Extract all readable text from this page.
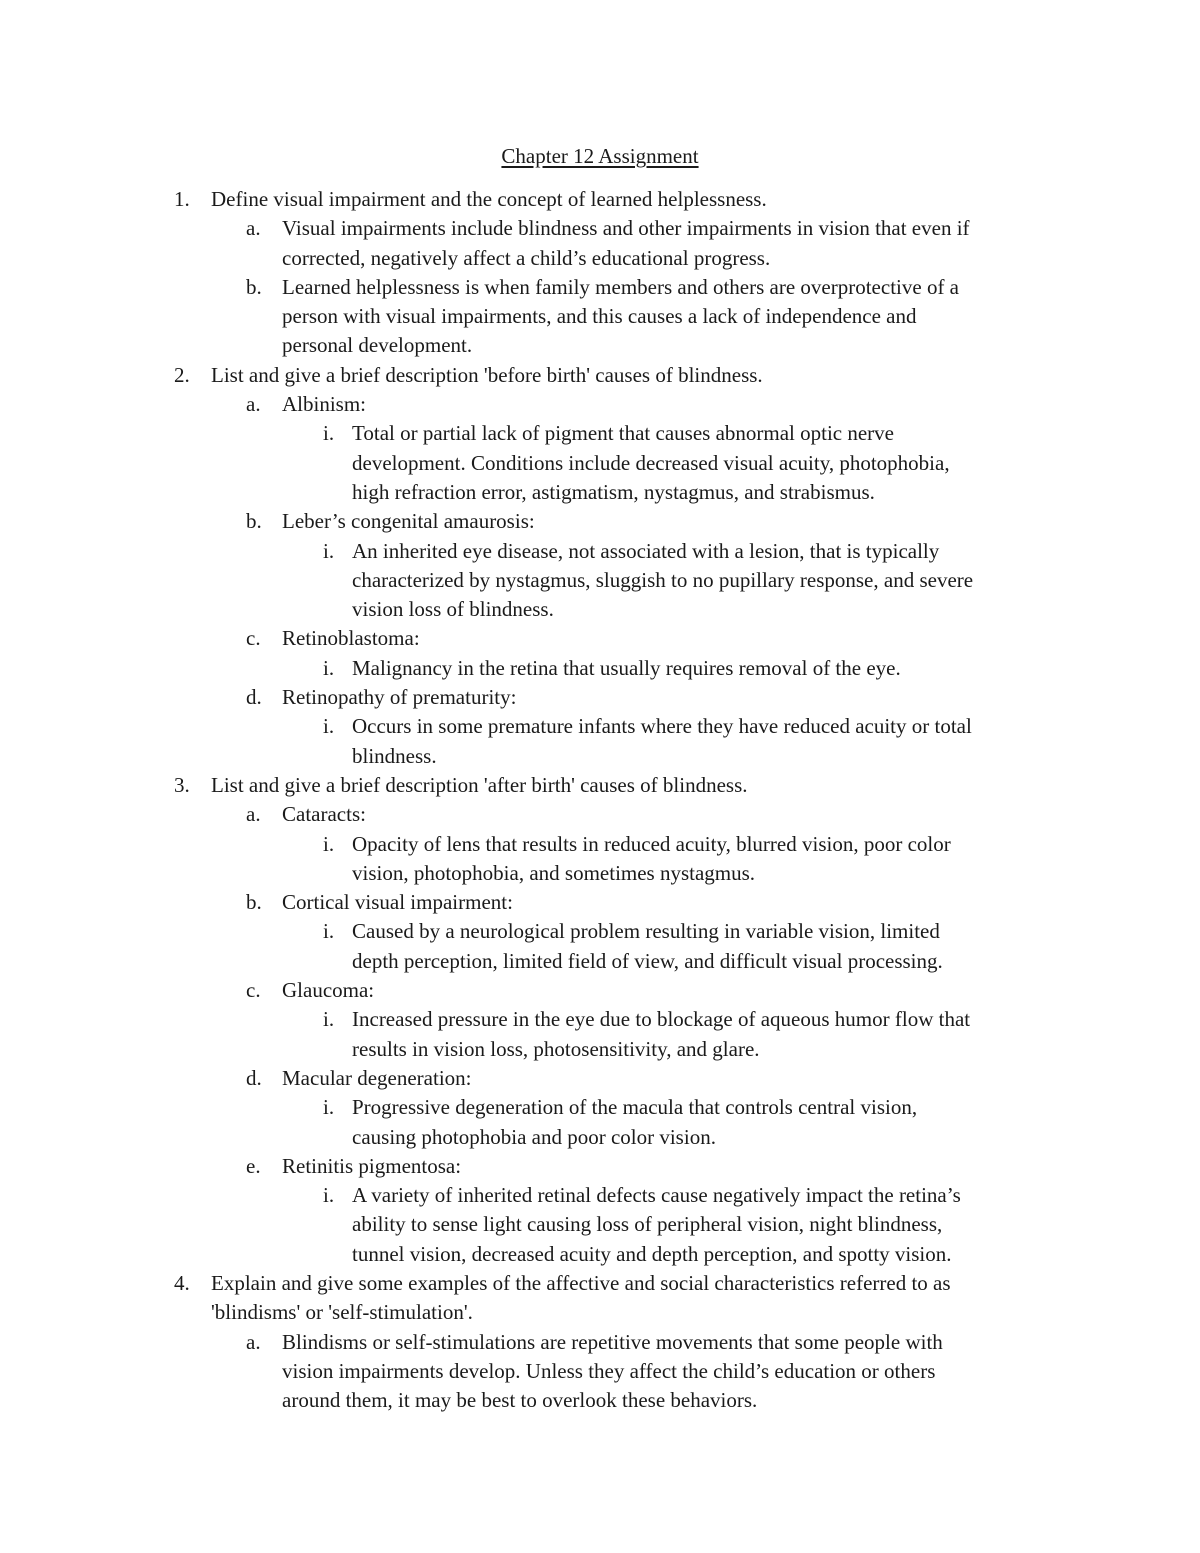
Chapter 12 Assignment
1. Define visual impairment and the concept of learned helplessness.
a. Visual impairments include blindness and other impairments in vision that even if
corrected, negatively affect a child’s educational progress.
b. Learned helplessness is when family members and others are overprotective of a
person with visual impairments, and this causes a lack of independence and
personal development.
2. List and give a brief description 'before birth' causes of blindness.
a. Albinism:
i. Total or partial lack of pigment that causes abnormal optic nerve
development. Conditions include decreased visual acuity, photophobia,
high refraction error, astigmatism, nystagmus, and strabismus.
b. Leber’s congenital amaurosis:
i. An inherited eye disease, not associated with a lesion, that is typically
characterized by nystagmus, sluggish to no pupillary response, and severe
vision loss of blindness.
c. Retinoblastoma:
i. Malignancy in the retina that usually requires removal of the eye.
d. Retinopathy of prematurity:
i. Occurs in some premature infants where they have reduced acuity or total
blindness.
3. List and give a brief description 'after birth' causes of blindness.
a. Cataracts:
i. Opacity of lens that results in reduced acuity, blurred vision, poor color
vision, photophobia, and sometimes nystagmus.
b. Cortical visual impairment:
i. Caused by a neurological problem resulting in variable vision, limited
depth perception, limited field of view, and difficult visual processing.
c. Glaucoma:
i. Increased pressure in the eye due to blockage of aqueous humor flow that
results in vision loss, photosensitivity, and glare.
d. Macular degeneration:
i. Progressive degeneration of the macula that controls central vision,
causing photophobia and poor color vision.
e. Retinitis pigmentosa:
i. A variety of inherited retinal defects cause negatively impact the retina’s
ability to sense light causing loss of peripheral vision, night blindness,
tunnel vision, decreased acuity and depth perception, and spotty vision.
4. Explain and give some examples of the affective and social characteristics referred to as
'blindisms' or 'self-stimulation'.
a. Blindisms or self-stimulations are repetitive movements that some people with
vision impairments develop. Unless they affect the child’s education or others
around them, it may be best to overlook these behaviors.
